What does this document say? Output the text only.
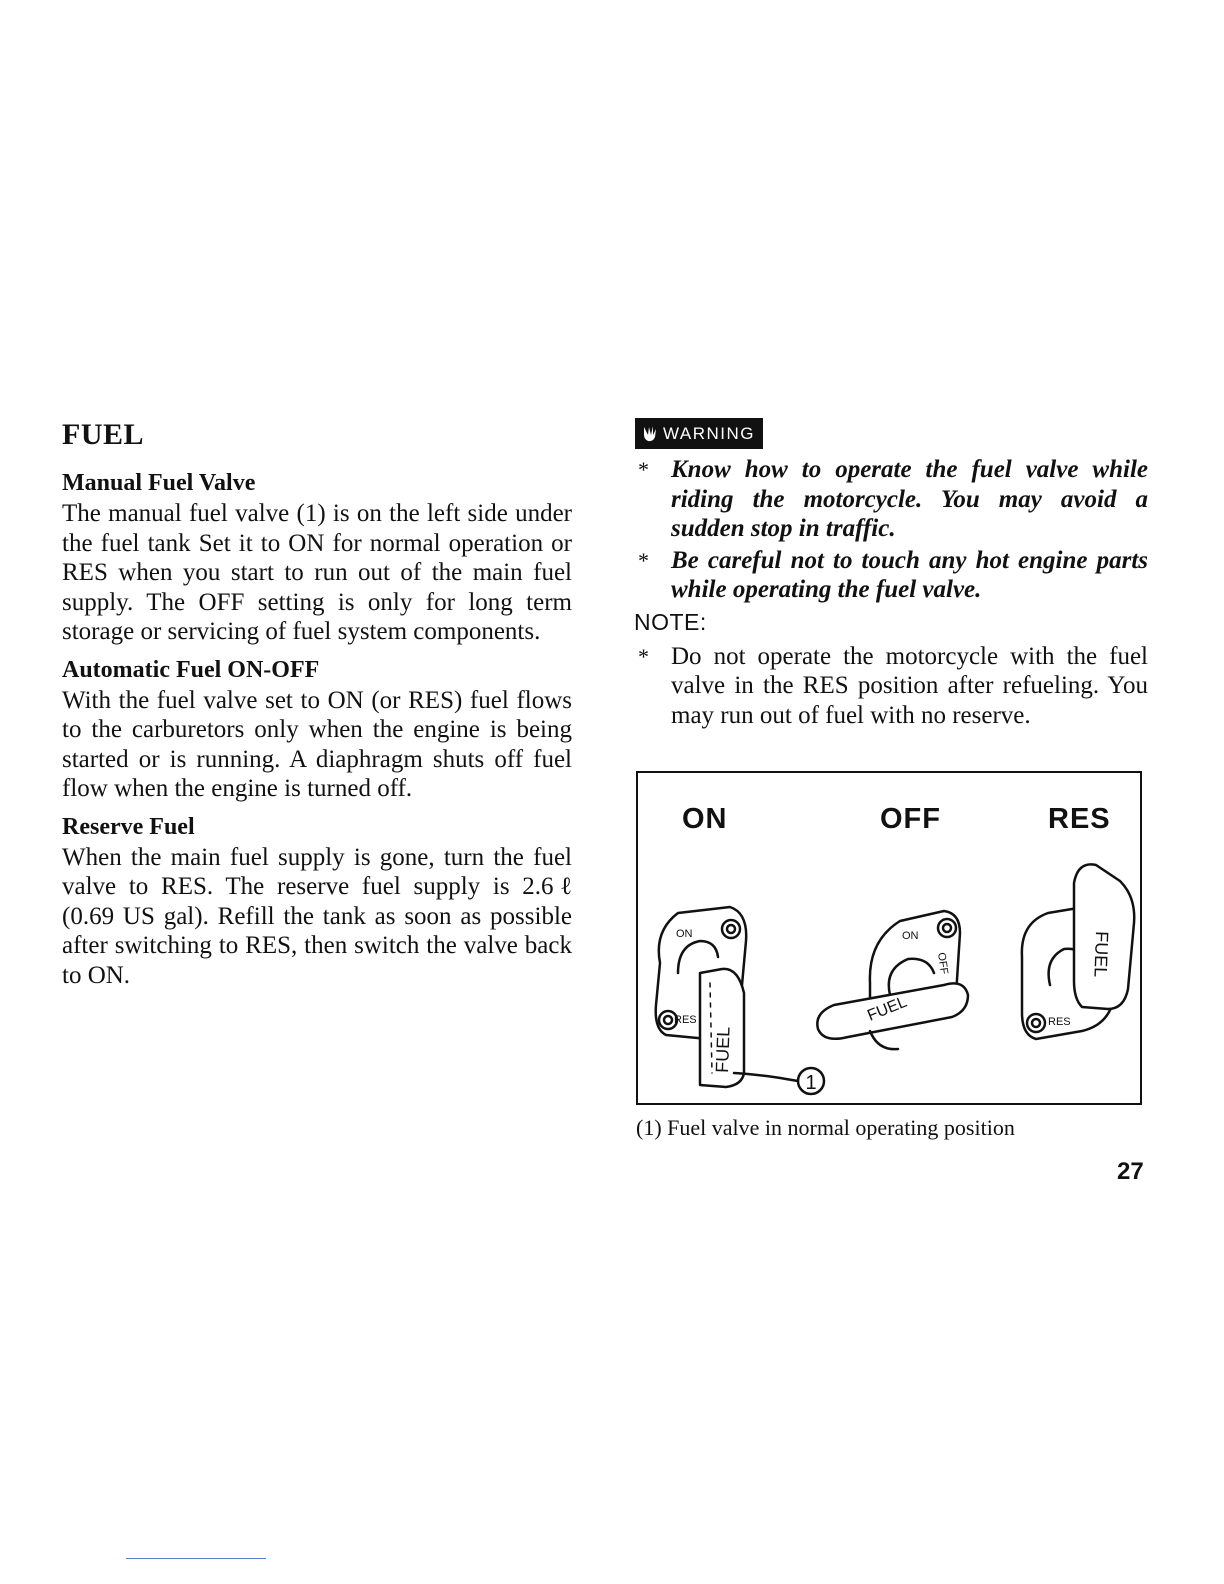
FUEL
Manual Fuel Valve
The manual fuel valve (1) is on the left side under the fuel tank Set it to ON for normal operation or RES when you start to run out of the main fuel supply. The OFF setting is only for long term storage or servicing of fuel system components.
Automatic Fuel ON-OFF
With the fuel valve set to ON (or RES) fuel flows to the carburetors only when the engine is being started or is running. A diaphragm shuts off fuel flow when the engine is turned off.
Reserve Fuel
When the main fuel supply is gone, turn the fuel valve to RES. The reserve fuel supply is 2.6ℓ (0.69 US gal). Refill the tank as soon as possible after switching to RES, then switch the valve back to ON.
WARNING
* Know how to operate the fuel valve while riding the motorcycle. You may avoid a sudden stop in traffic.
* Be careful not to touch any hot engine parts while operating the fuel valve.
NOTE:
* Do not operate the motorcycle with the fuel valve in the RES position after refueling. You may run out of fuel with no reserve.
ON	OFF	RES
1
FUEL
FUEL
FUEL
ON
RES
ON
OFF
RES
(1) Fuel valve in normal operating position
27
